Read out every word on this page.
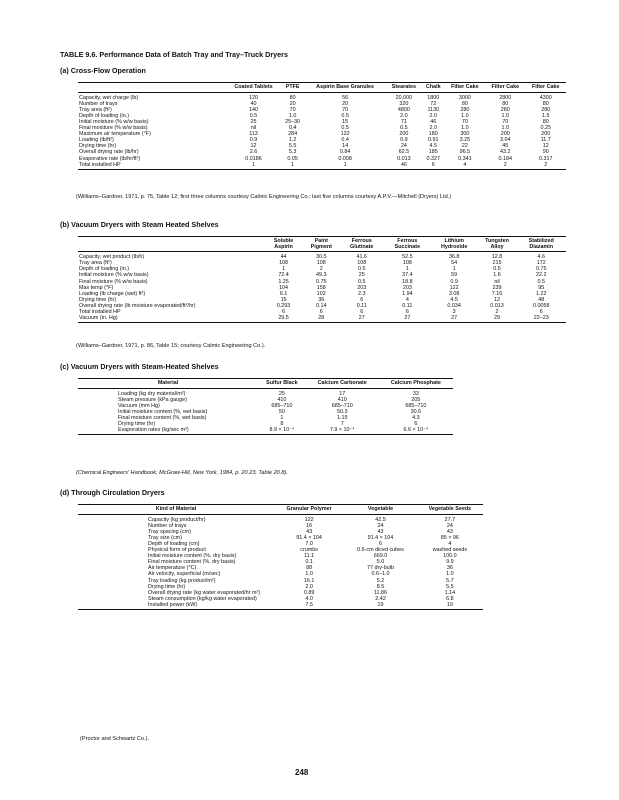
TABLE 9.6. Performance Data of Batch Tray and Tray–Truck Dryers
(a) Cross-Flow Operation
	Coated Tablets	PTFE	Aspirin Base Granules	Stearates	Chalk	Filter Cake	Filter Cake	Filter Cake
Capacity, wet charge (lb)	120	80	56	20,000	1800	3000	2800	4300
Number of trays	40	20	20	320	72	80	80	80
Tray area (ft²)	140	70	70	4800	1130	280	280	280
Depth of loading (in.)	0.5	1.0	0.5	2.0	2.0	1.0	1.0	1.5
Initial moisture (% w/w basis)	25	25–30	15	71	46	70	70	80
Final moisture (% w/w basis)	nil	0.4	0.5	0.5	2.0	1.0	1.0	0.25
Maximum air temperature (°F)	113	284	122	200	180	300	200	200
Loading (lb/ft²)	0.9	1.2	0.4	0.9	0.91	3.25	3.04	11.7
Drying time (hr)	12	5.5	14	24	4.5	22	45	12
Overall drying rate (lb/hr)	2.6	5.3	0.84	62.5	185	96.5	43.2	90
Evaporative rate (lb/hr/ft²)	0.0186	0.05	0.008	0.013	0.327	0.341	0.184	0.317
Total installed HP	1	1	1	46	6	4	2	2
(Williams–Gardner, 1971, p. 75, Table 12; first three columns courtesy Calmic Engineering Co.; last five columns courtesy A.P.V.—Mitchell (Dryers) Ltd.)
(b) Vacuum Dryers with Steam Heated Shelves
	Soluble Aspirin	Paint Pigment	Ferrous Glutinate	Ferrous Succinate	Lithium Hydroxide	Tungsten Alloy	Stabilized Diazamin
Capacity, wet product (lb/h)	44	30.5	41.6	52.5	36.8	12.8	4.6
Tray area (ft²)	108	108	108	108	54	215	172
Depth of loading (in.)	1	2	0.5	1	1	0.5	0.75
Initial moisture (% w/w basis)	72.4	49.3	25	37.4	59	1.6	22.2
Final moisture (% w/w basis)	1.25	0.75	0.5	18.8	0.9	nil	0.5
Max temp (°F)	104	158	203	203	122	239	95
Loading (lb charge (wet) ft²)	6.1	102	2.3	1.94	3.08	7.16	1.22
Drying time (hr)	15	36	6	4	4.5	12	48
Overall drying rate (lb moisture evaporated/ft²/hr)	0.293	0.14	0.11	0.11	0.034	0.013	0.0058
Total installed HP	6	6	6	6	3	2	6
Vacuum (in. Hg)	29.5	28	27	27	27	29	22–23
(Williams–Gardner, 1971, p. 86, Table 15; courtesy Calmic Engineering Co.).
(c) Vacuum Dryers with Steam-Heated Shelves
Material	Sulfur Black	Calcium Carbonate	Calcium Phosphate
Loading (kg dry material/m²)	25	17	33
Steam pressure (kPa gauge)	410	410	205
Vacuum (mm Hg)	685–710	685–710	685–710
Initial moisture content (%, wet basis)	50	50.3	30.6
Final moisture content (%, wet basis)	1	1.15	4.3
Drying time (hr)	8	7	6
Evaporation rates (kg/sec m²)	8.9 × 10⁻⁴	7.9 × 10⁻⁴	6.6 × 10⁻⁴
(Chemical Engineers' Handbook, McGraw-Hill, New York, 1984, p. 20.23, Table 20.8).
(d) Through Circulation Dryers
Kind of Material	Granular Polymer	Vegetable	Vegetable Seeds
Capacity (kg product/hr)	122	42.5	27.7
Number of trays	16	24	24
Tray spacing (cm)	43	43	43
Tray size (cm)	91.4 × 104	91.4 × 104	85 × 96
Depth of loading (cm)	7.0	6	4
Physical form of product	crumbs	0.6-cm diced cubes	washed seeds
Initial moisture content (%, dry basis)	11.1	669.0	100.0
Final moisture content (%, dry basis)	0.1	5.0	9.9
Air temperature (°C)	88	77 dry-bulb	36
Air velocity, superficial (m/sec)	1.0	0.6–1.0	1.0
Tray loading (kg product/m²)	16.1	5.2	5.7
Drying time (hr)	2.0	8.5	5.5
Overall drying rate (kg water evaporated/hr m²)	0.89	11.86	1.14
Steam consumption (kg/kg water evaporated)	4.0	2.42	6.8
Installed power (kW)	7.5	19	19
(Proctor and Schwartz Co.).
248
